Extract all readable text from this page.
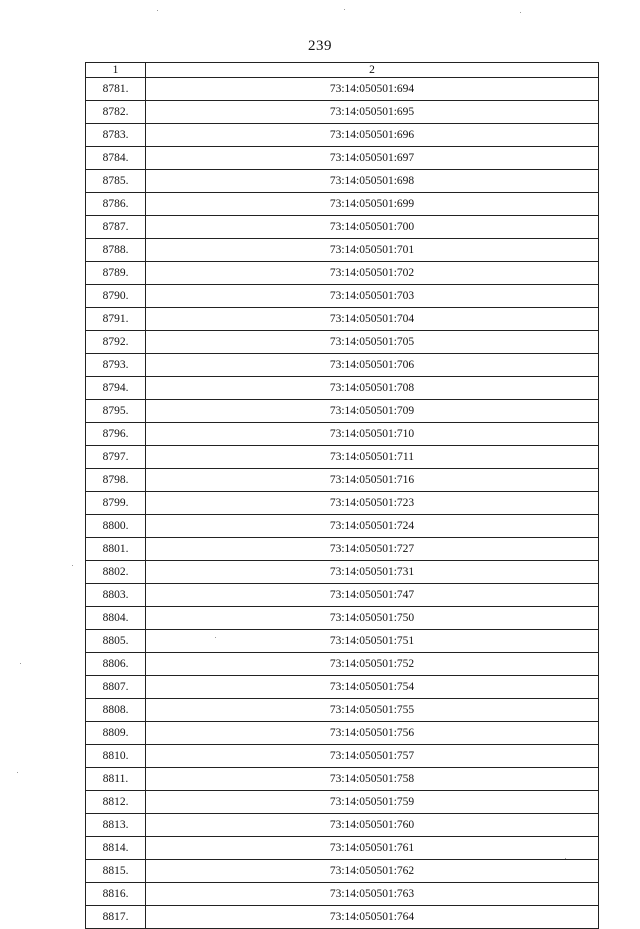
239
1	2
8781.	73:14:050501:694
8782.	73:14:050501:695
8783.	73:14:050501:696
8784.	73:14:050501:697
8785.	73:14:050501:698
8786.	73:14:050501:699
8787.	73:14:050501:700
8788.	73:14:050501:701
8789.	73:14:050501:702
8790.	73:14:050501:703
8791.	73:14:050501:704
8792.	73:14:050501:705
8793.	73:14:050501:706
8794.	73:14:050501:708
8795.	73:14:050501:709
8796.	73:14:050501:710
8797.	73:14:050501:711
8798.	73:14:050501:716
8799.	73:14:050501:723
8800.	73:14:050501:724
8801.	73:14:050501:727
8802.	73:14:050501:731
8803.	73:14:050501:747
8804.	73:14:050501:750
8805.	73:14:050501:751
8806.	73:14:050501:752
8807.	73:14:050501:754
8808.	73:14:050501:755
8809.	73:14:050501:756
8810.	73:14:050501:757
8811.	73:14:050501:758
8812.	73:14:050501:759
8813.	73:14:050501:760
8814.	73:14:050501:761
8815.	73:14:050501:762
8816.	73:14:050501:763
8817.	73:14:050501:764
